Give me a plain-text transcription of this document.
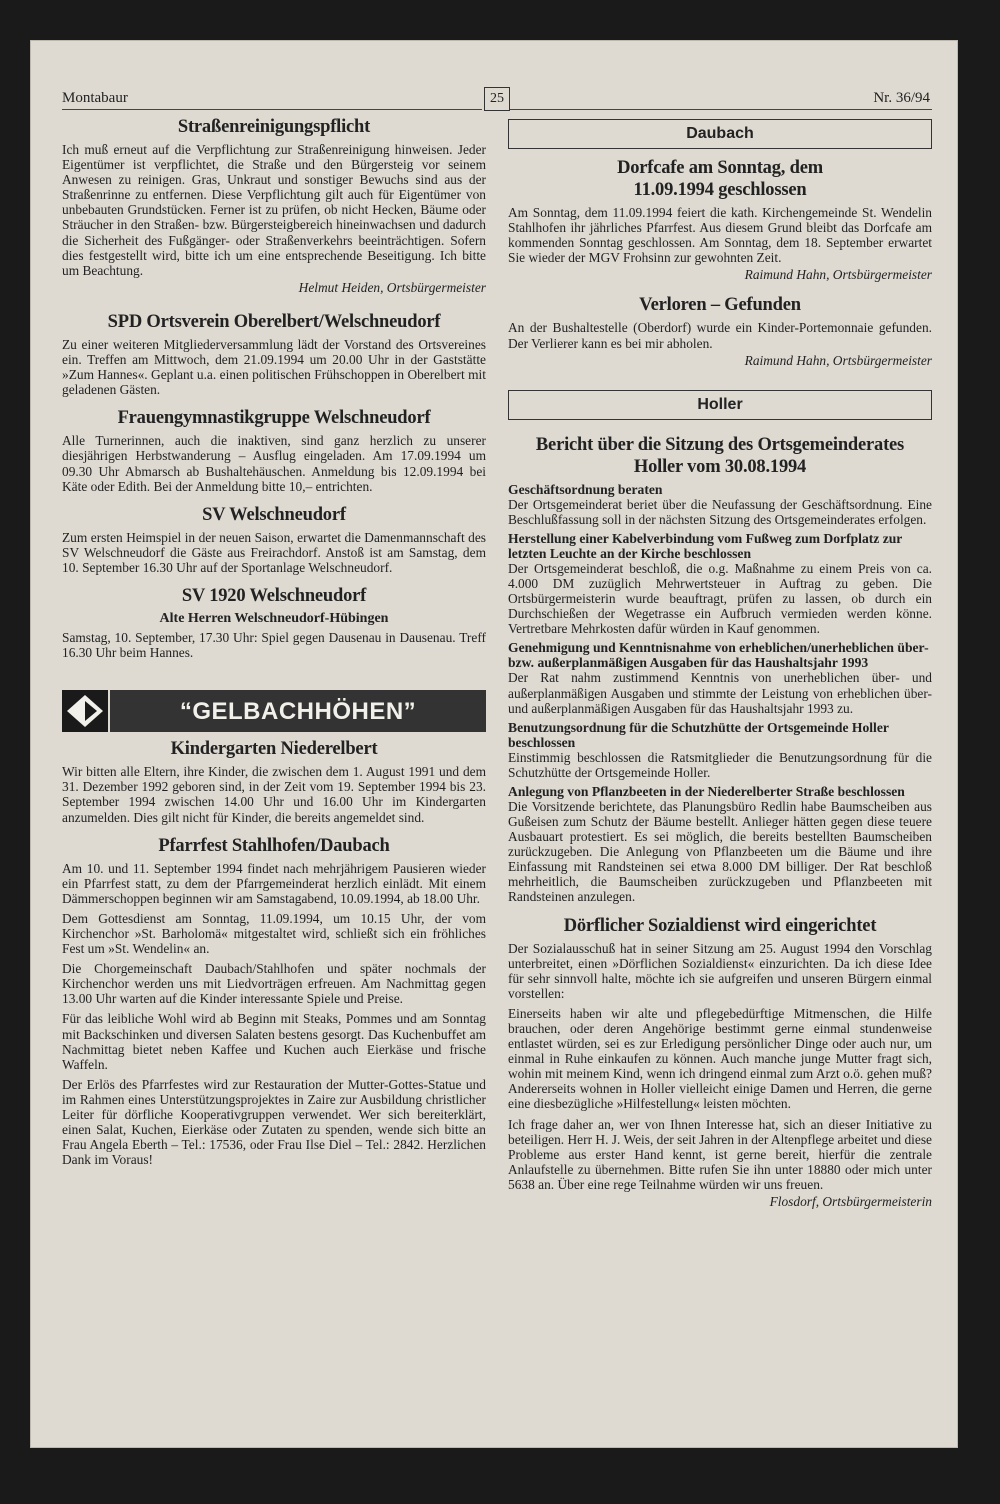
Montabaur	25	Nr. 36/94
Straßenreinigungspflicht

Ich muß erneut auf die Verpflichtung zur Straßenreinigung hinweisen. Jeder Eigentümer ist verpflichtet, die Straße und den Bürgersteig vor seinem Anwesen zu reinigen. Gras, Unkraut und sonstiger Bewuchs sind aus der Straßenrinne zu entfernen. Diese Verpflichtung gilt auch für Eigentümer von unbebauten Grundstücken. Ferner ist zu prüfen, ob nicht Hecken, Bäume oder Sträucher in den Straßen- bzw. Bürgersteigbereich hineinwachsen und dadurch die Sicherheit des Fußgänger- oder Straßenverkehrs beeinträchtigen. Sofern dies festgestellt wird, bitte ich um eine entsprechende Beseitigung. Ich bitte um Beachtung.

Helmut Heiden, Ortsbürgermeister
SPD Ortsverein Oberelbert/Welschneudorf

Zu einer weiteren Mitgliederversammlung lädt der Vorstand des Ortsvereines ein. Treffen am Mittwoch, dem 21.09.1994 um 20.00 Uhr in der Gaststätte »Zum Hannes«. Geplant u.a. einen politischen Frühschoppen in Oberelbert mit geladenen Gästen.

Frauengymnastikgruppe Welschneudorf

Alle Turnerinnen, auch die inaktiven, sind ganz herzlich zu unserer diesjährigen Herbstwanderung – Ausflug eingeladen. Am 17.09.1994 um 09.30 Uhr Abmarsch ab Bushaltehäuschen. Anmeldung bis 12.09.1994 bei Käte oder Edith. Bei der Anmeldung bitte 10,– entrichten.

SV Welschneudorf

Zum ersten Heimspiel in der neuen Saison, erwartet die Damenmannschaft des SV Welschneudorf die Gäste aus Freirachdorf. Anstoß ist am Samstag, dem 10. September 16.30 Uhr auf der Sportanlage Welschneudorf.

SV 1920 Welschneudorf
Alte Herren Welschneudorf-Hübingen

Samstag, 10. September, 17.30 Uhr: Spiel gegen Dausenau in Dausenau. Treff 16.30 Uhr beim Hannes.

“GELBACHHÖHEN”
Kindergarten Niederelbert

Wir bitten alle Eltern, ihre Kinder, die zwischen dem 1. August 1991 und dem 31. Dezember 1992 geboren sind, in der Zeit vom 19. September 1994 bis 23. September 1994 zwischen 14.00 Uhr und 16.00 Uhr im Kindergarten anzumelden. Dies gilt nicht für Kinder, die bereits angemeldet sind.

Pfarrfest Stahlhofen/Daubach

Am 10. und 11. September 1994 findet nach mehrjährigem Pausieren wieder ein Pfarrfest statt, zu dem der Pfarrgemeinderat herzlich einlädt. Mit einem Dämmerschoppen beginnen wir am Samstagabend, 10.09.1994, ab 18.00 Uhr.

Dem Gottesdienst am Sonntag, 11.09.1994, um 10.15 Uhr, der vom Kirchenchor »St. Barholomä« mitgestaltet wird, schließt sich ein fröhliches Fest um »St. Wendelin« an.

Die Chorgemeinschaft Daubach/Stahlhofen und später nochmals der Kirchenchor werden uns mit Liedvorträgen erfreuen. Am Nachmittag gegen 13.00 Uhr warten auf die Kinder interessante Spiele und Preise.

Für das leibliche Wohl wird ab Beginn mit Steaks, Pommes und am Sonntag mit Backschinken und diversen Salaten bestens gesorgt. Das Kuchenbuffet am Nachmittag bietet neben Kaffee und Kuchen auch Eierkäse und frische Waffeln.

Der Erlös des Pfarrfestes wird zur Restauration der Mutter-Gottes-Statue und im Rahmen eines Unterstützungsprojektes in Zaire zur Ausbildung christlicher Leiter für dörfliche Kooperativgruppen verwendet. Wer sich bereiterklärt, einen Salat, Kuchen, Eierkäse oder Zutaten zu spenden, wende sich bitte an Frau Angela Eberth – Tel.: 17536, oder Frau Ilse Diel – Tel.: 2842. Herzlichen Dank im Voraus!

Daubach
Dorfcafe am Sonntag, dem 11.09.1994 geschlossen

Am Sonntag, dem 11.09.1994 feiert die kath. Kirchengemeinde St. Wendelin Stahlhofen ihr jährliches Pfarrfest. Aus diesem Grund bleibt das Dorfcafe am kommenden Sonntag geschlossen. Am Sonntag, dem 18. September erwartet Sie wieder der MGV Frohsinn zur gewohnten Zeit.

Raimund Hahn, Ortsbürgermeister
Verloren – Gefunden

An der Bushaltestelle (Oberdorf) wurde ein Kinder-Portemonnaie gefunden. Der Verlierer kann es bei mir abholen.

Raimund Hahn, Ortsbürgermeister
Holler
Bericht über die Sitzung des Ortsgemeinderates Holler vom 30.08.1994
Geschäftsordnung beraten

Der Ortsgemeinderat beriet über die Neufassung der Geschäftsordnung. Eine Beschlußfassung soll in der nächsten Sitzung des Ortsgemeinderates erfolgen.

Herstellung einer Kabelverbindung vom Fußweg zum Dorfplatz zur letzten Leuchte an der Kirche beschlossen

Der Ortsgemeinderat beschloß, die o.g. Maßnahme zu einem Preis von ca. 4.000 DM zuzüglich Mehrwertsteuer in Auftrag zu geben. Die Ortsbürgermeisterin wurde beauftragt, prüfen zu lassen, ob durch ein Durchschießen der Wegetrasse ein Aufbruch vermieden werden könne. Vertretbare Mehrkosten dafür würden in Kauf genommen.

Genehmigung und Kenntnisnahme von erheblichen/unerheblichen über- bzw. außerplanmäßigen Ausgaben für das Haushaltsjahr 1993

Der Rat nahm zustimmend Kenntnis von unerheblichen über- und außerplanmäßigen Ausgaben und stimmte der Leistung von erheblichen über- und außerplanmäßigen Ausgaben für das Haushaltsjahr 1993 zu.

Benutzungsordnung für die Schutzhütte der Ortsgemeinde Holler beschlossen

Einstimmig beschlossen die Ratsmitglieder die Benutzungsordnung für die Schutzhütte der Ortsgemeinde Holler.

Anlegung von Pflanzbeeten in der Niederelberter Straße beschlossen

Die Vorsitzende berichtete, das Planungsbüro Redlin habe Baumscheiben aus Gußeisen zum Schutz der Bäume bestellt. Anlieger hätten gegen diese teuere Ausbauart protestiert. Es sei möglich, die bereits bestellten Baumscheiben zurückzugeben. Die Anlegung von Pflanzbeeten um die Bäume und ihre Einfassung mit Randsteinen sei etwa 8.000 DM billiger. Der Rat beschloß mehrheitlich, die Baumscheiben zurückzugeben und Pflanzbeeten mit Randsteinen anzulegen.

Dörflicher Sozialdienst wird eingerichtet

Der Sozialausschuß hat in seiner Sitzung am 25. August 1994 den Vorschlag unterbreitet, einen »Dörflichen Sozialdienst« einzurichten. Da ich diese Idee für sehr sinnvoll halte, möchte ich sie aufgreifen und unseren Bürgern einmal vorstellen:

Einerseits haben wir alte und pflegebedürftige Mitmenschen, die Hilfe brauchen, oder deren Angehörige bestimmt gerne einmal stundenweise entlastet würden, sei es zur Erledigung persönlicher Dinge oder auch nur, um einmal in Ruhe einkaufen zu können. Auch manche junge Mutter fragt sich, wohin mit meinem Kind, wenn ich dringend einmal zum Arzt o.ö. gehen muß? Andererseits wohnen in Holler vielleicht einige Damen und Herren, die gerne eine diesbezügliche »Hilfestellung« leisten möchten.

Ich frage daher an, wer von Ihnen Interesse hat, sich an dieser Initiative zu beteiligen. Herr H. J. Weis, der seit Jahren in der Altenpflege arbeitet und diese Probleme aus erster Hand kennt, ist gerne bereit, hierfür die zentrale Anlaufstelle zu übernehmen. Bitte rufen Sie ihn unter 18880 oder mich unter 5638 an. Über eine rege Teilnahme würden wir uns freuen.

Flosdorf, Ortsbürgermeisterin
